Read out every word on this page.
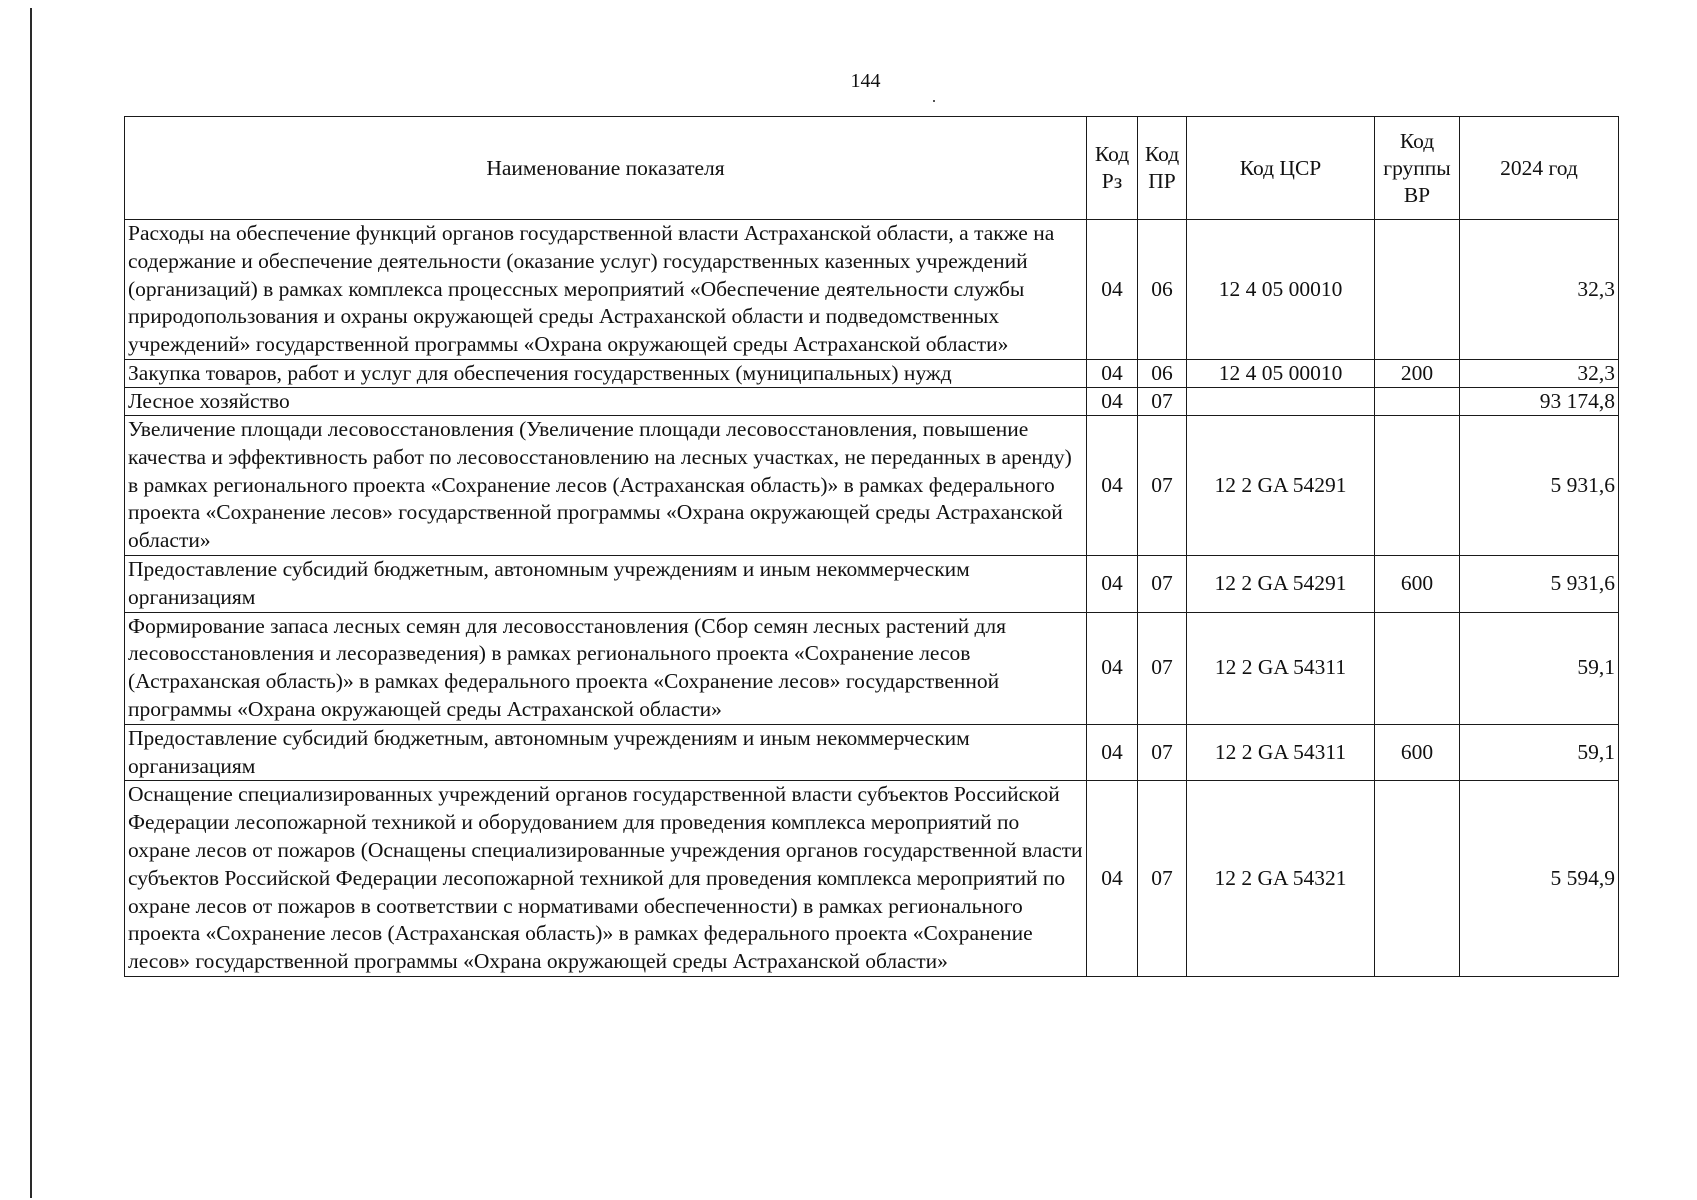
144
Наименование показателя	Код Рз	Код ПР	Код ЦСР	Код группы ВР	2024 год
Расходы на обеспечение функций органов государственной власти Астраханской области, а также на содержание и обеспечение деятельности (оказание услуг) государственных казенных учреждений (организаций) в рамках комплекса процессных мероприятий «Обеспечение деятельности службы природопользования и охраны окружающей среды Астраханской области и подведомственных учреждений» государственной программы «Охрана окружающей среды Астраханской области»	04	06	12 4 05 00010		32,3
Закупка товаров, работ и услуг для обеспечения государственных (муниципальных) нужд	04	06	12 4 05 00010	200	32,3
Лесное хозяйство	04	07			93 174,8
Увеличение площади лесовосстановления (Увеличение площади лесовосстановления, повышение качества и эффективность работ по лесовосстановлению на лесных участках, не переданных в аренду) в рамках регионального проекта «Сохранение лесов (Астраханская область)» в рамках федерального проекта «Сохранение лесов» государственной программы «Охрана окружающей среды Астраханской области»	04	07	12 2 GA 54291		5 931,6
Предоставление субсидий бюджетным, автономным учреждениям и иным некоммерческим организациям	04	07	12 2 GA 54291	600	5 931,6
Формирование запаса лесных семян для лесовосстановления (Сбор семян лесных растений для лесовосстановления и лесоразведения) в рамках регионального проекта «Сохранение лесов (Астраханская область)» в рамках федерального проекта «Сохранение лесов» государственной программы «Охрана окружающей среды Астраханской области»	04	07	12 2 GA 54311		59,1
Предоставление субсидий бюджетным, автономным учреждениям и иным некоммерческим организациям	04	07	12 2 GA 54311	600	59,1
Оснащение специализированных учреждений органов государственной власти субъектов Российской Федерации лесопожарной техникой и оборудованием для проведения комплекса мероприятий по охране лесов от пожаров (Оснащены специализированные учреждения органов государственной власти субъектов Российской Федерации лесопожарной техникой для проведения комплекса мероприятий по охране лесов от пожаров в соответствии с нормативами обеспеченности) в рамках регионального проекта «Сохранение лесов (Астраханская область)» в рамках федерального проекта «Сохранение лесов» государственной программы «Охрана окружающей среды Астраханской области»	04	07	12 2 GA 54321		5 594,9
